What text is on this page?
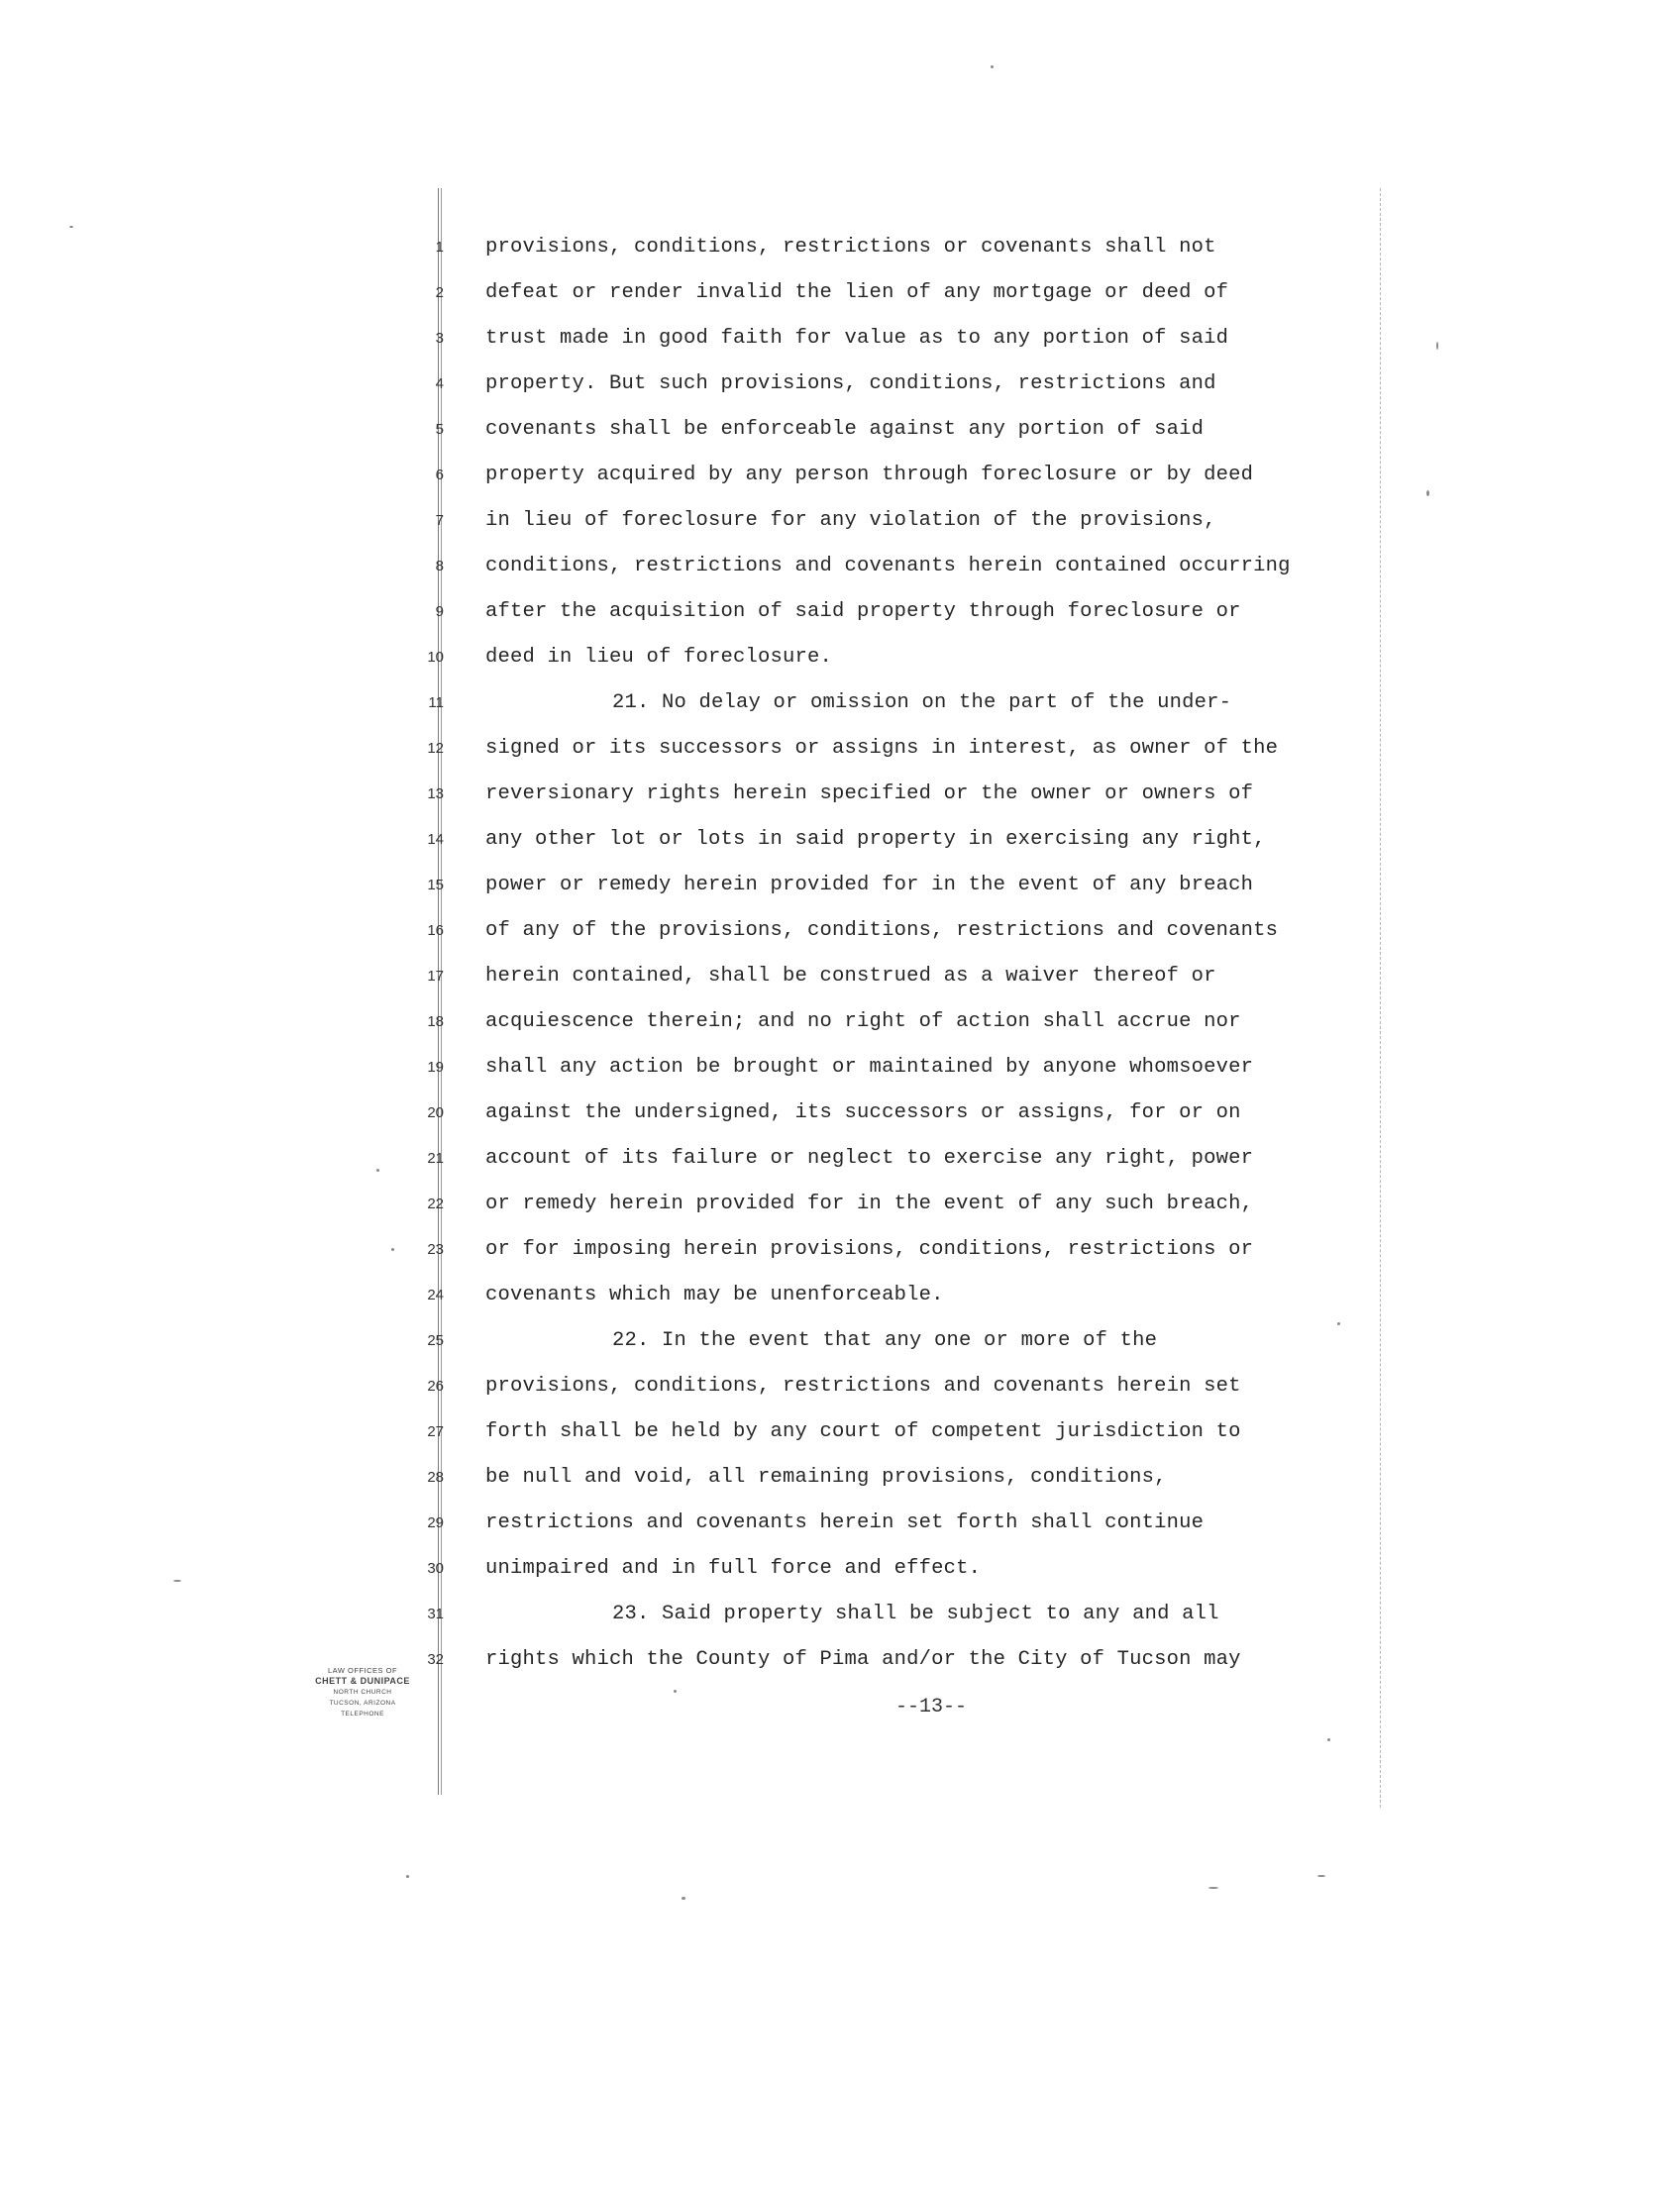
1 provisions, conditions, restrictions or covenants shall not
2 defeat or render invalid the lien of any mortgage or deed of
3 trust made in good faith for value as to any portion of said
4 property. But such provisions, conditions, restrictions and
5 covenants shall be enforceable against any portion of said
6 property acquired by any person through foreclosure or by deed
7 in lieu of foreclosure for any violation of the provisions,
8 conditions, restrictions and covenants herein contained occurring
9 after the acquisition of said property through foreclosure or
10 deed in lieu of foreclosure.
11	21. No delay or omission on the part of the under-
12 signed or its successors or assigns in interest, as owner of the
13 reversionary rights herein specified or the owner or owners of
14 any other lot or lots in said property in exercising any right,
15 power or remedy herein provided for in the event of any breach
16 of any of the provisions, conditions, restrictions and covenants
17 herein contained, shall be construed as a waiver thereof or
18 acquiescence therein; and no right of action shall accrue nor
19 shall any action be brought or maintained by anyone whomsoever
20 against the undersigned, its successors or assigns, for or on
21 account of its failure or neglect to exercise any right, power
22 or remedy herein provided for in the event of any such breach,
23 or for imposing herein provisions, conditions, restrictions or
24 covenants which may be unenforceable.
25	22. In the event that any one or more of the
26 provisions, conditions, restrictions and covenants herein set
27 forth shall be held by any court of competent jurisdiction to
28 be null and void, all remaining provisions, conditions,
29 restrictions and covenants herein set forth shall continue
30 unimpaired and in full force and effect.
31	23. Said property shall be subject to any and all
32 rights which the County of Pima and/or the City of Tucson may
LAW OFFICES OF
CHETT & DUNIPACE
NORTH CHURCH
TUCSON, ARIZONA
TELEPHONE	--13--
